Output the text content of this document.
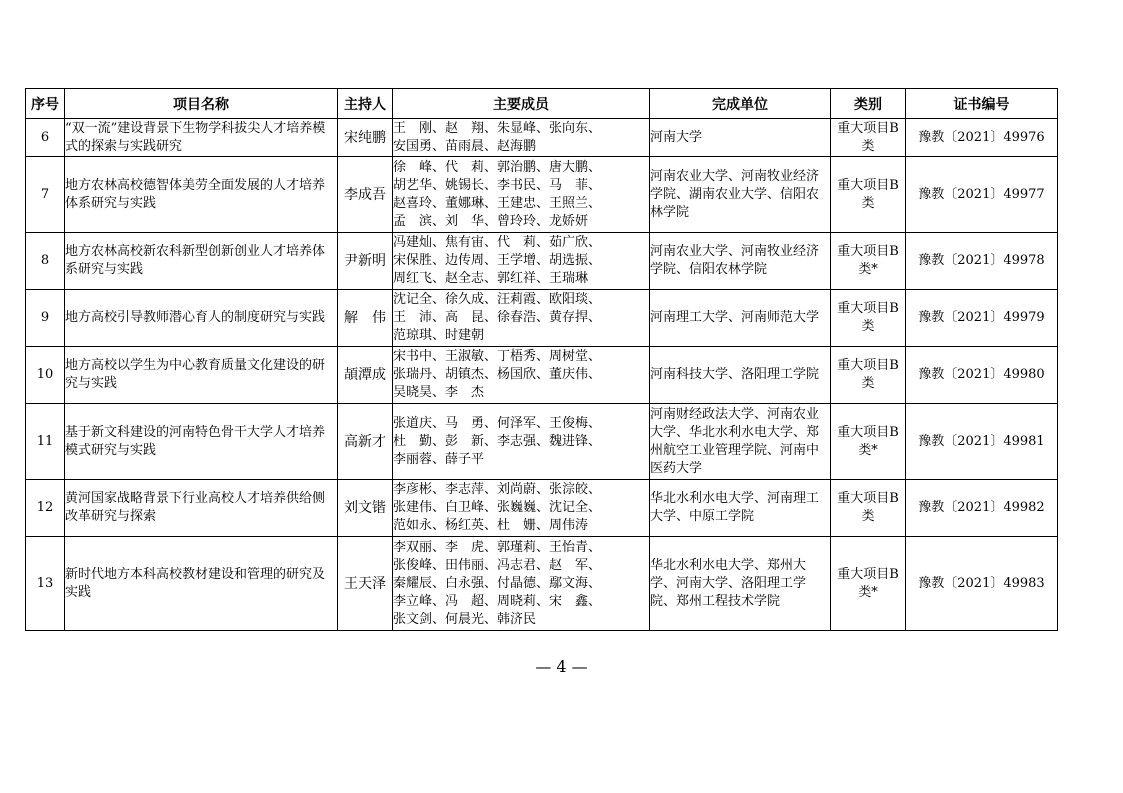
序号	项目名称	主持人	主要成员	完成单位	类别	证书编号
6	“双一流”建设背景下生物学科拔尖人才培养模式的探索与实践研究	宋纯鹏	王　刚、赵　翔、朱显峰、张向东、
安国勇、苗雨晨、赵海鹏	河南大学	重大项目B类	豫教〔2021〕49976
7	地方农林高校德智体美劳全面发展的人才培养体系研究与实践	李成吾	徐　峰、代　莉、郭治鹏、唐大鹏、
胡艺华、姚锡长、李书民、马　菲、
赵喜玲、董娜琳、王建忠、王照兰、
孟　滨、刘　华、曾玲玲、龙娇妍	河南农业大学、河南牧业经济学院、湖南农业大学、信阳农林学院	重大项目B类	豫教〔2021〕49977
8	地方农林高校新农科新型创新创业人才培养体系研究与实践	尹新明	冯建灿、焦有宙、代　莉、茹广欣、
宋保胜、边传周、王学增、胡选振、
周红飞、赵全志、郭红祥、王瑞琳	河南农业大学、河南牧业经济学院、信阳农林学院	重大项目B类*	豫教〔2021〕49978
9	地方高校引导教师潜心育人的制度研究与实践	解　伟	沈记全、徐久成、汪莉霞、欧阳琰、
王　沛、高　昆、徐春浩、黄存捍、
范琼琪、时建朝	河南理工大学、河南师范大学	重大项目B类	豫教〔2021〕49979
10	地方高校以学生为中心教育质量文化建设的研究与实践	頡潭成	宋书中、王淑敏、丁梧秀、周树堂、
张瑞丹、胡镇杰、杨国欣、董庆伟、
吴晓昊、李　杰	河南科技大学、洛阳理工学院	重大项目B类	豫教〔2021〕49980
11	基于新文科建设的河南特色骨干大学人才培养模式研究与实践	高新才	张道庆、马　勇、何泽军、王俊梅、
杜　勤、彭　新、李志强、魏进锋、
李丽蓉、薛子平	河南财经政法大学、河南农业大学、华北水利水电大学、郑州航空工业管理学院、河南中医药大学	重大项目B类*	豫教〔2021〕49981
12	黄河国家战略背景下行业高校人才培养供给侧改革研究与探索	刘文锴	李彦彬、李志萍、刘尚蔚、张淙皎、
张建伟、白卫峰、张巍巍、沈记全、
范如永、杨红英、杜　姗、周伟涛	华北水利水电大学、河南理工大学、中原工学院	重大项目B类	豫教〔2021〕49982
13	新时代地方本科高校教材建设和管理的研究及实践	王天泽	李双丽、李　虎、郭瑾莉、王怡青、
张俊峰、田伟丽、冯志君、赵　军、
秦耀辰、白永强、付晶德、鄢文海、
李立峰、冯　超、周晓莉、宋　鑫、
张文剑、何晨光、韩济民	华北水利水电大学、郑州大学、河南大学、洛阳理工学院、郑州工程技术学院	重大项目B类*	豫教〔2021〕49983
— 4 —
